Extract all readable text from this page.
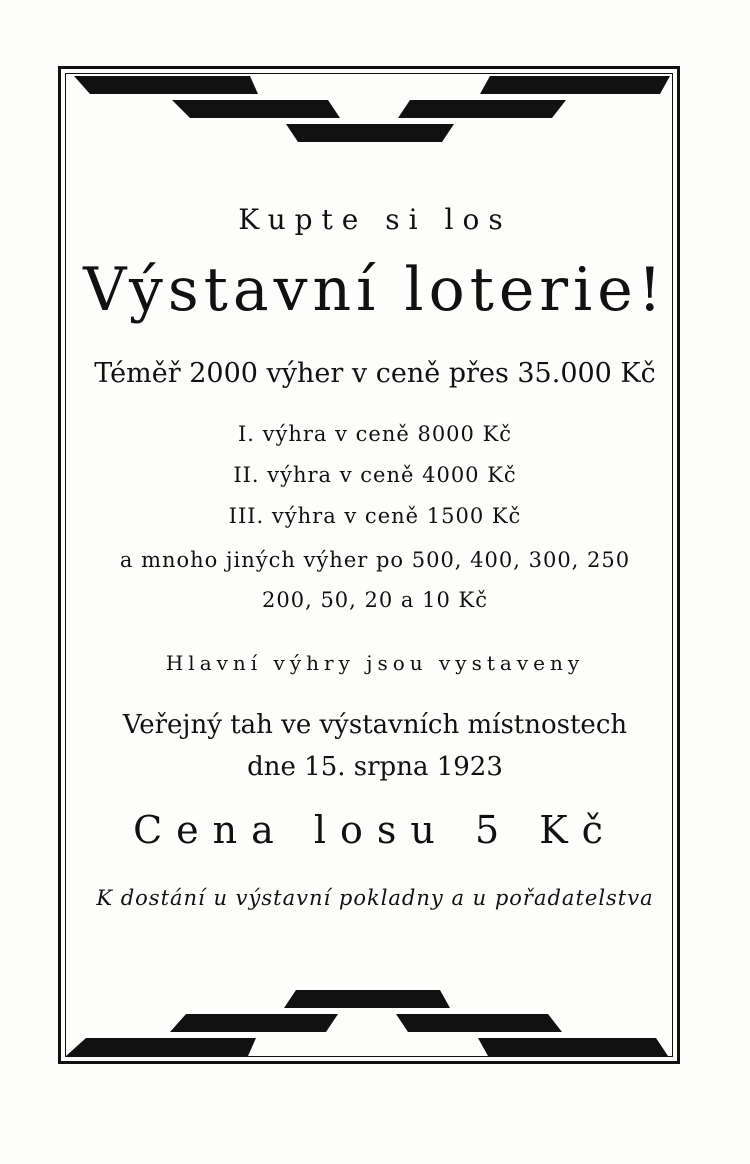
Kupte si los
Výstavní loterie!
Téměř 2000 výher v ceně přes 35.000 Kč
I. výhra v ceně 8000 Kč
II. výhra v ceně 4000 Kč
III. výhra v ceně 1500 Kč
a mnoho jiných výher po 500, 400, 300, 250
200, 50, 20 a 10 Kč
Hlavní výhry jsou vystaveny
Veřejný tah ve výstavních místnostech
dne 15. srpna 1923
Cena losu 5 Kč
K dostání u výstavní pokladny a u pořadatelstva
